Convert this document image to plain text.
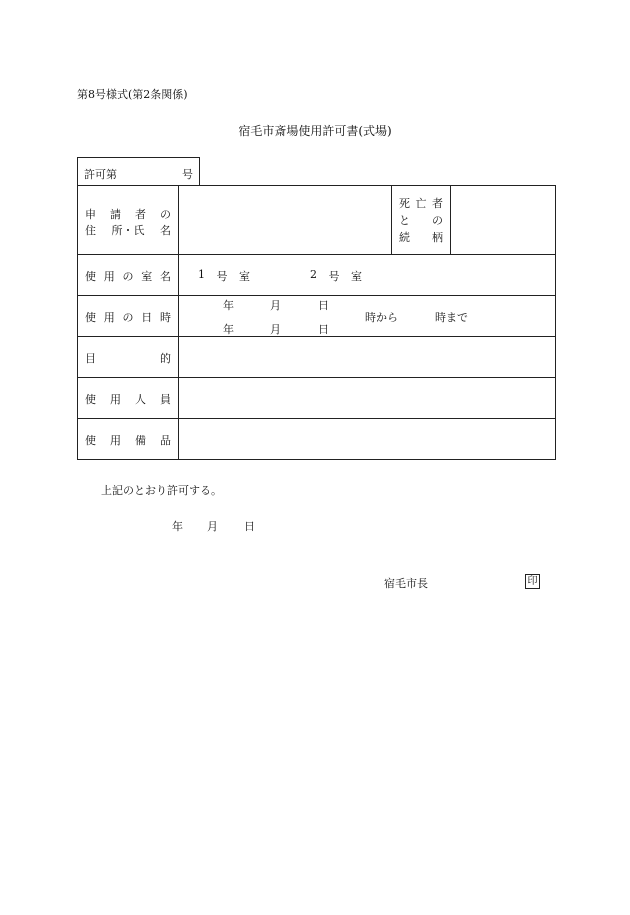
第8号様式(第2条関係)
宿毛市斎場使用許可書(式場)
許可第	号
申 請 者 の
住 所・氏 名
死 亡 者
と の
続 柄
使 用 の 室 名 1 号 室	2 号 室
使 用 の 日 時
年	月	日
年	月	日
時から	時まで
目	的
使 用 人 員
使 用 備 品
上記のとおり許可する。
年 月 日
宿毛市長	印
